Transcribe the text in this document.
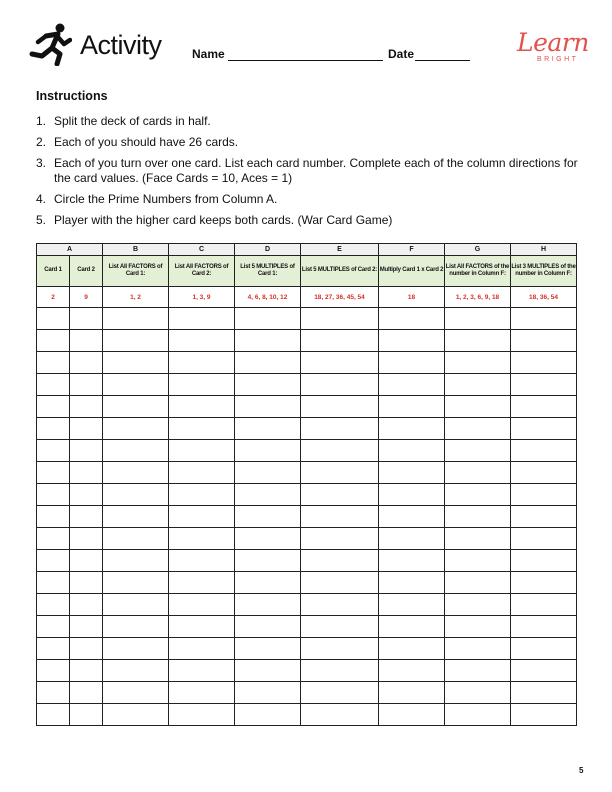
Activity	Name	Date	Learn
BRIGHT
Instructions
1. Split the deck of cards in half.
2. Each of you should have 26 cards.
3. Each of you turn over one card. List each card number. Complete each of the column directions for the card values. (Face Cards = 10, Aces = 1)
4. Circle the Prime Numbers from Column A.
5. Player with the higher card keeps both cards. (War Card Game)
A		B	C	D	E	F	G	H
Card 1	Card 2	List All FACTORS of Card 1:	List All FACTORS of Card 2:	List 5 MULTIPLES of Card 1:	List 5 MULTIPLES of Card 2:	Multiply Card 1 x Card 2	List All FACTORS of the number in Column F:	List 3 MULTIPLES of the number in Column F:
2	9	1, 2	1, 3, 9	4, 6, 8, 10, 12	18, 27, 36, 45, 54	18	1, 2, 3, 6, 9, 18	18, 36, 54

5
